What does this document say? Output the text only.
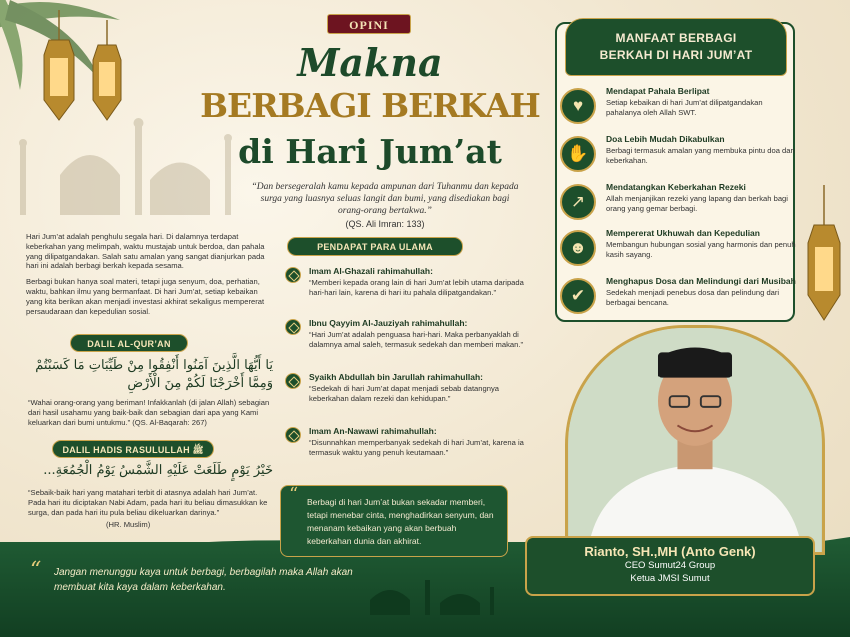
OPINI
Makna
BERBAGI BERKAH
di Hari Jum’at
“Dan bersegeralah kamu kepada ampunan dari Tuhanmu dan kepada surga yang luasnya seluas langit dan bumi, yang disediakan bagi orang-orang bertakwa.”
(QS. Ali Imran: 133)

Hari Jum’at adalah penghulu segala hari. Di dalamnya terdapat keberkahan yang melimpah, waktu mustajab untuk berdoa, dan pahala yang dilipatgandakan. Salah satu amalan yang sangat dianjurkan pada hari ini adalah berbagi berkah kepada sesama.

Berbagi bukan hanya soal materi, tetapi juga senyum, doa, perhatian, waktu, bahkan ilmu yang bermanfaat. Di hari Jum’at, setiap kebaikan yang kita berikan akan menjadi investasi akhirat sekaligus mempererat persaudaraan dan kepedulian sosial.

DALIL AL-QUR’AN
يَا أَيُّهَا الَّذِينَ آمَنُوا أَنْفِقُوا مِنْ طَيِّبَاتِ مَا كَسَبْتُمْ
وَمِمَّا أَخْرَجْنَا لَكُمْ مِنَ الْأَرْضِ
“Wahai orang-orang yang beriman! Infakkanlah (di jalan Allah) sebagian dari hasil usahamu yang baik-baik dan sebagian dari apa yang Kami keluarkan dari bumi untukmu.” (QS. Al-Baqarah: 267)
DALIL HADIS RASULULLAH ﷺ
خَيْرُ يَوْمٍ طَلَعَتْ عَلَيْهِ الشَّمْسُ يَوْمُ الْجُمُعَةِ...
“Sebaik-baik hari yang matahari terbit di atasnya adalah hari Jum’at. Pada hari itu diciptakan Nabi Adam, pada hari itu beliau dimasukkan ke surga, dan pada hari itu pula beliau dikeluarkan darinya.”
(HR. Muslim)
“	Jangan menunggu kaya untuk berbagi, berbagilah maka Allah akan membuat kita kaya dalam keberkahan.
PENDAPAT PARA ULAMA
Imam Al-Ghazali rahimahullah:
“Memberi kepada orang lain di hari Jum’at lebih utama daripada hari-hari lain, karena di hari itu pahala dilipatgandakan.”
Ibnu Qayyim Al-Jauziyah rahimahullah:
“Hari Jum’at adalah penguasa hari-hari. Maka perbanyaklah di dalamnya amal saleh, termasuk sedekah dan memberi makan.”
Syaikh Abdullah bin Jarullah rahimahullah:
“Sedekah di hari Jum’at dapat menjadi sebab datangnya keberkahan dalam rezeki dan kehidupan.”
Imam An-Nawawi rahimahullah:
“Disunnahkan memperbanyak sedekah di hari Jum’at, karena ia termasuk waktu yang penuh keutamaan.”
“ Berbagi di hari Jum’at bukan sekadar memberi, tetapi menebar cinta, menghadirkan senyum, dan menanam kebaikan yang akan berbuah keberkahan dunia dan akhirat.
MANFAAT BERBAGI
BERKAH DI HARI JUM’AT
♥
Mendapat Pahala Berlipat
Setiap kebaikan di hari Jum’at dilipatgandakan pahalanya oleh Allah SWT.
✋
Doa Lebih Mudah Dikabulkan
Berbagi termasuk amalan yang membuka pintu doa dan keberkahan.
↗
Mendatangkan Keberkahan Rezeki
Allah menjanjikan rezeki yang lapang dan berkah bagi orang yang gemar berbagi.
☻
Mempererat Ukhuwah dan Kepedulian
Membangun hubungan sosial yang harmonis dan penuh kasih sayang.
✔
Menghapus Dosa dan Melindungi dari Musibah
Sedekah menjadi penebus dosa dan pelindung dari berbagai bencana.
Rianto, SH.,MH (Anto Genk)
CEO Sumut24 Group
Ketua JMSI Sumut
